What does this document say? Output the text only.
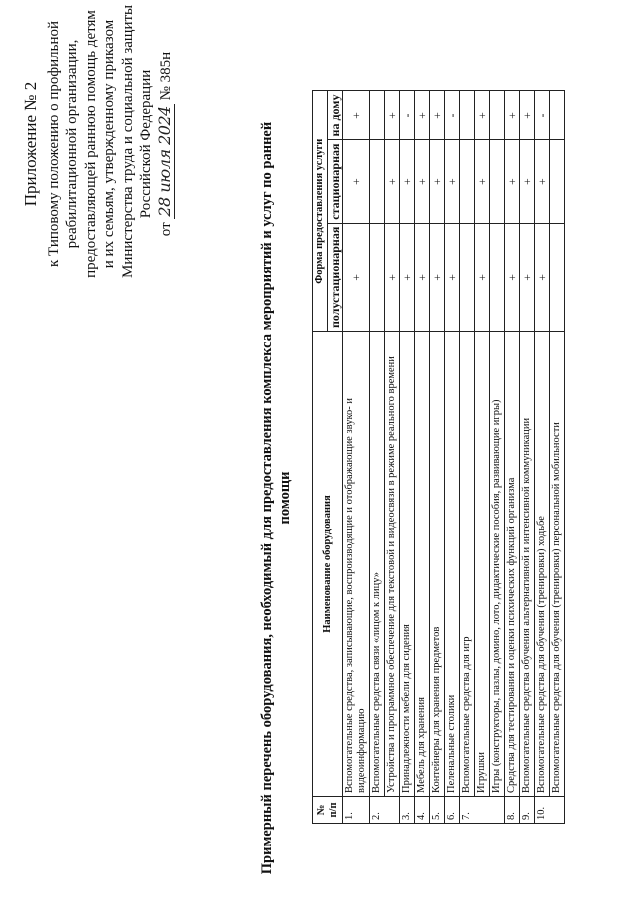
Приложение № 2 к Типовому положению о профильной реабилитационной организации, предоставляющей раннюю помощь детям и их семьям, утвержденному приказом Министерства труда и социальной защиты Российской Федерации
от 28 июля 2024 № 385н
Примерный перечень оборудования, необходимый для предоставления комплекса мероприятий и услуг по ранней помощи
№ п/п	Наименование оборудования	Форма предоставления услуги		
		полустационарная	стационарная	на дому
1.	Вспомогательные средства, записывающие, воспроизводящие и отображающие звуко- и видеоинформацию	+	+	+
2.	Вспомогательные средства связи «лицом к лицу»			
	Устройства и программное обеспечение для текстовой и видеосвязи в режиме реального времени	+	+	+
3.	Принадлежности мебели для сидения	+	+	-
4.	Мебель для хранения	+	+	+
5.	Контейнеры для хранения предметов	+	+	+
6.	Пеленальные столики	+	+	-
7.	Вспомогательные средства для игр			
	Игрушки	+	+	+
	Игры (конструкторы, пазлы, домино, лото, дидактические пособия, развивающие игры)			
8.	Средства для тестирования и оценки психических функций организма	+	+	+
9.	Вспомогательные средства обучения альтернативной и интенсивной коммуникации	+	+	+
10.	Вспомогательные средства для обучения (тренировки) ходьбе	+	+	-
	Вспомогательные средства для обучения (тренировки) персональной мобильности			
